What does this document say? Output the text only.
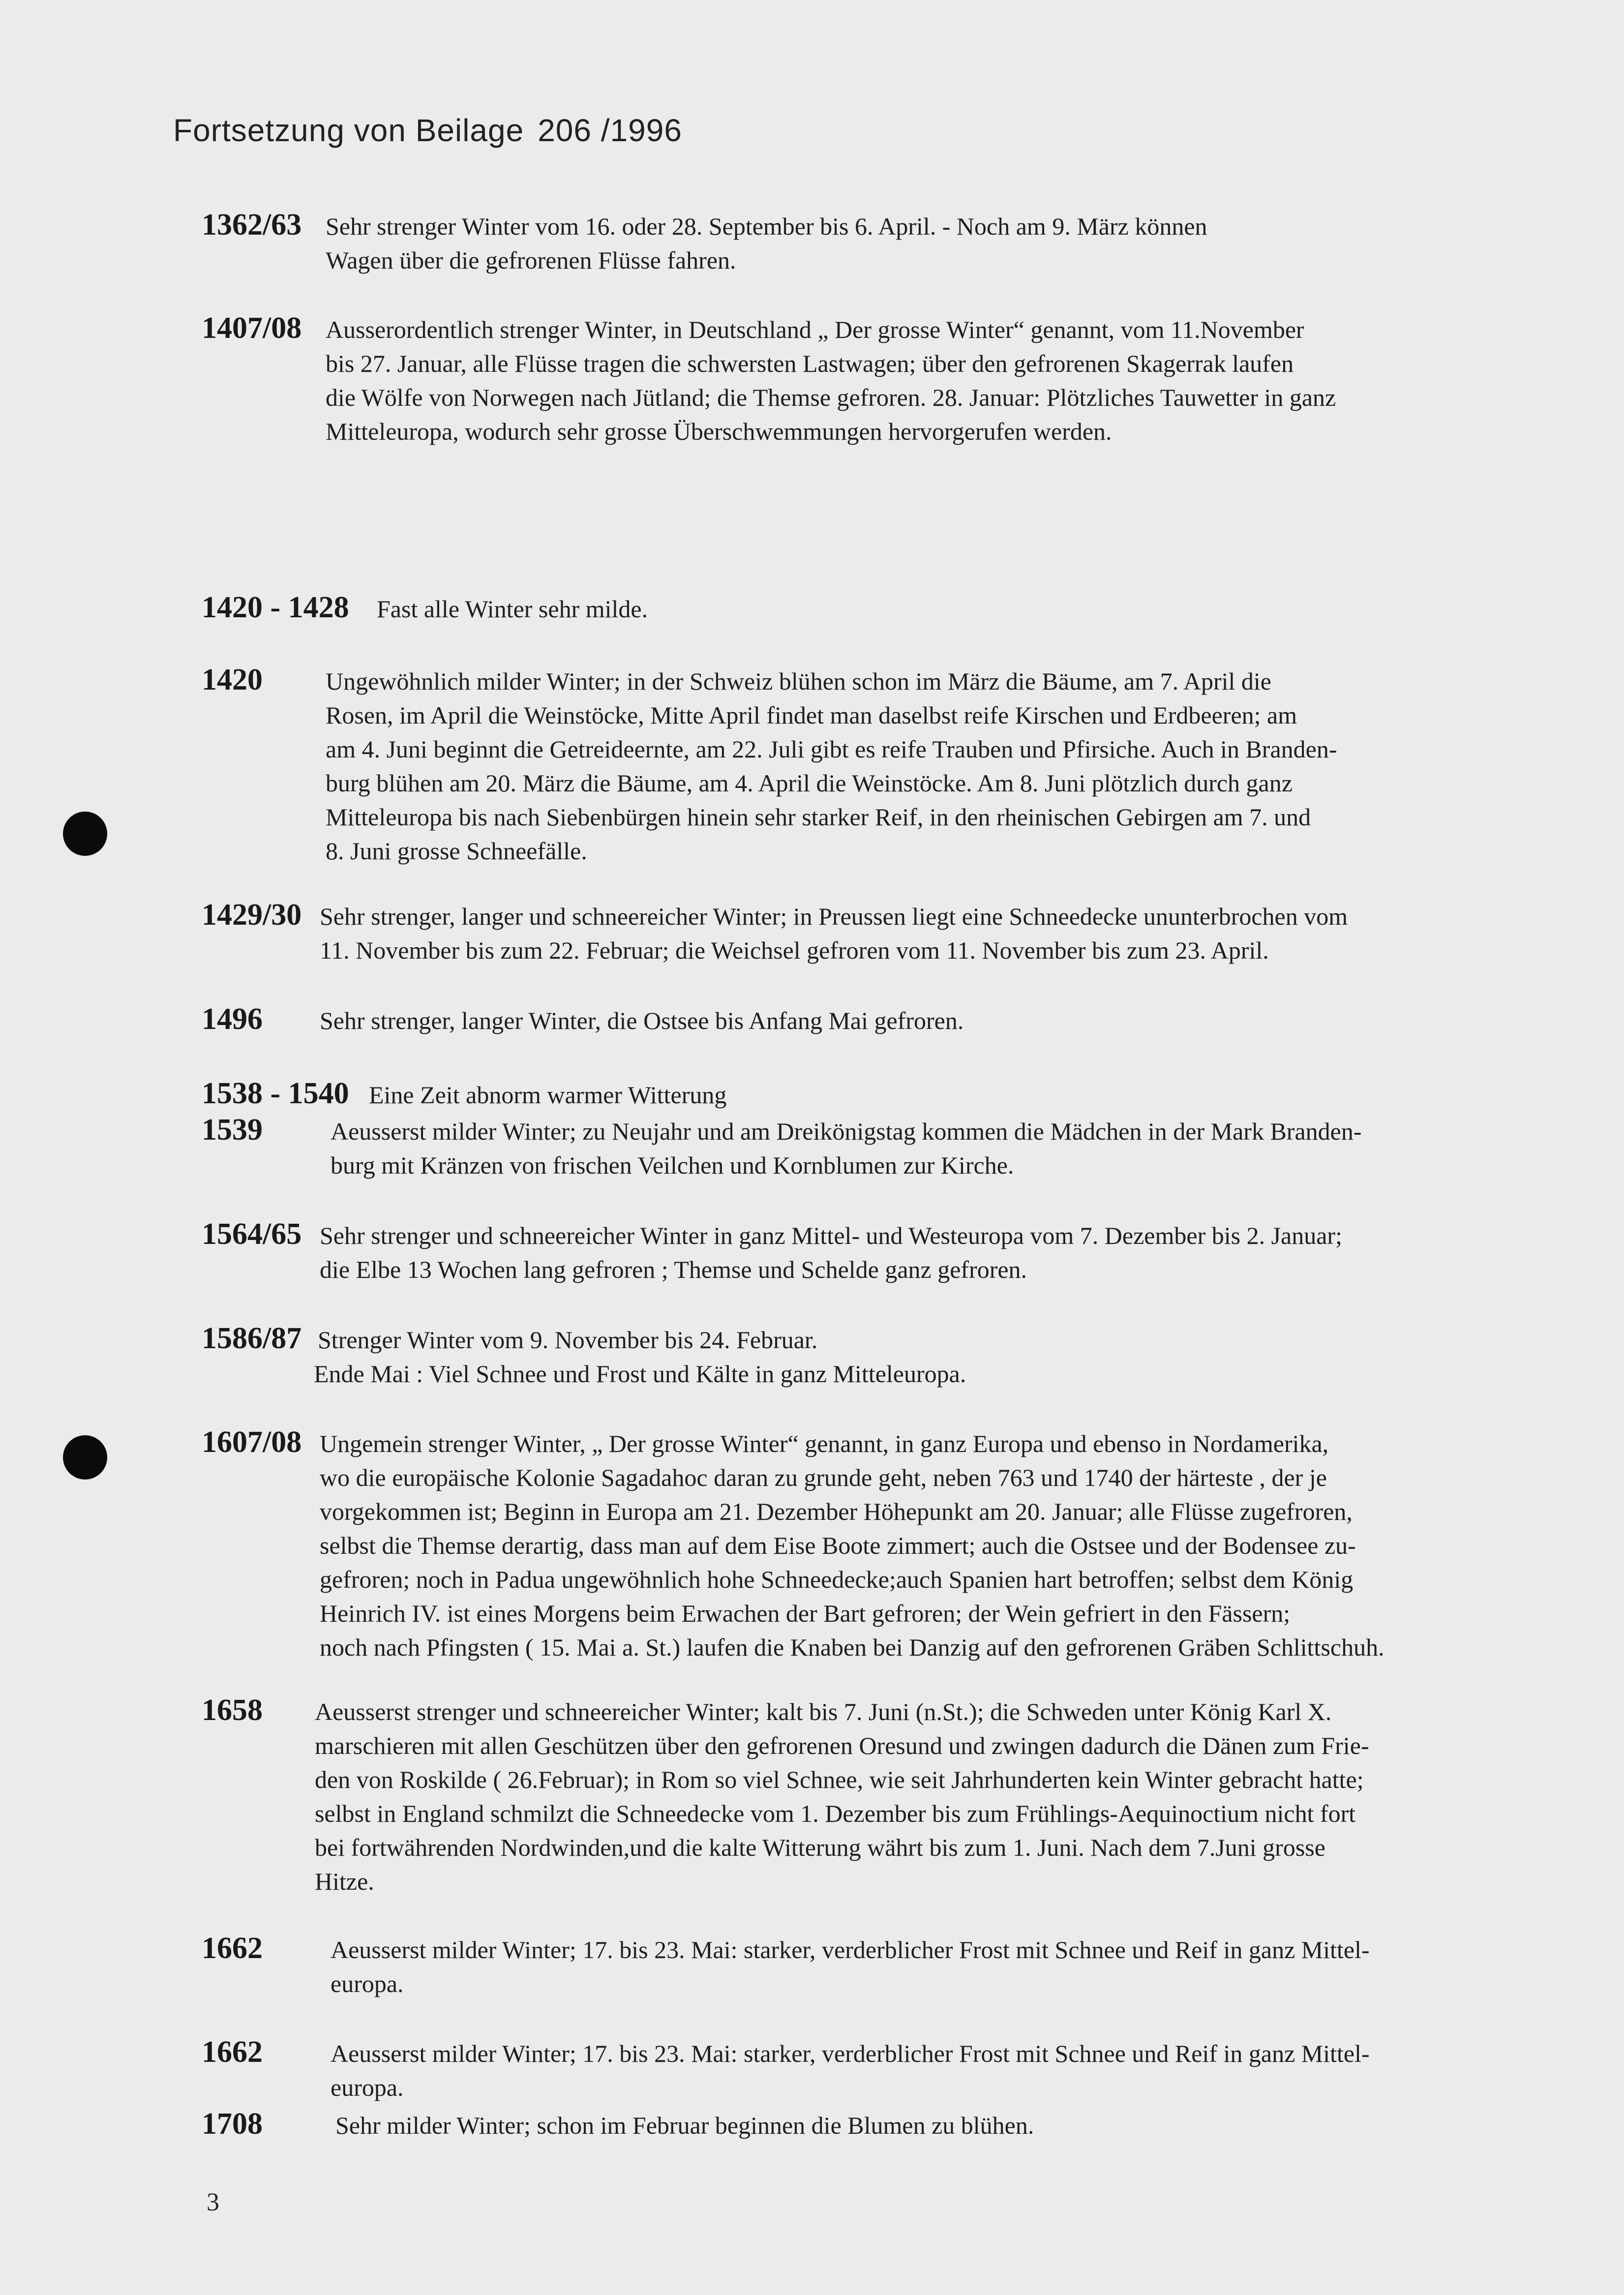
Fortsetzung von Beilage 206 /1996
1362/63 Sehr strenger Winter vom 16. oder 28. September bis 6. April. - Noch am 9. März können
Wagen über die gefrorenen Flüsse fahren.
1407/08 Ausserordentlich strenger Winter, in Deutschland „ Der grosse Winter“ genannt, vom 11.November
bis 27. Januar, alle Flüsse tragen die schwersten Lastwagen; über den gefrorenen Skagerrak laufen
die Wölfe von Norwegen nach Jütland; die Themse gefroren. 28. Januar: Plötzliches Tauwetter in ganz
Mitteleuropa, wodurch sehr grosse Überschwemmungen hervorgerufen werden.
1420 - 1428 Fast alle Winter sehr milde.
1420	Ungewöhnlich milder Winter; in der Schweiz blühen schon im März die Bäume, am 7. April die
Rosen, im April die Weinstöcke, Mitte April findet man daselbst reife Kirschen und Erdbeeren; am
am 4. Juni beginnt die Getreideernte, am 22. Juli gibt es reife Trauben und Pfirsiche. Auch in Branden-
burg blühen am 20. März die Bäume, am 4. April die Weinstöcke. Am 8. Juni plötzlich durch ganz
Mitteleuropa bis nach Siebenbürgen hinein sehr starker Reif, in den rheinischen Gebirgen am 7. und
8. Juni grosse Schneefälle.
1429/30 Sehr strenger, langer und schneereicher Winter; in Preussen liegt eine Schneedecke ununterbrochen vom
11. November bis zum 22. Februar; die Weichsel gefroren vom 11. November bis zum 23. April.
1496 Sehr strenger, langer Winter, die Ostsee bis Anfang Mai gefroren.
1538 - 1540 Eine Zeit abnorm warmer Witterung
1539	Aeusserst milder Winter; zu Neujahr und am Dreikönigstag kommen die Mädchen in der Mark Branden-
burg mit Kränzen von frischen Veilchen und Kornblumen zur Kirche.
1564/65 Sehr strenger und schneereicher Winter in ganz Mittel- und Westeuropa vom 7. Dezember bis 2. Januar;
die Elbe 13 Wochen lang gefroren ; Themse und Schelde ganz gefroren.
1586/87 Strenger Winter vom 9. November bis 24. Februar.
Ende Mai : Viel Schnee und Frost und Kälte in ganz Mitteleuropa.
1607/08 Ungemein strenger Winter, „ Der grosse Winter“ genannt, in ganz Europa und ebenso in Nordamerika,
wo die europäische Kolonie Sagadahoc daran zu grunde geht, neben 763 und 1740 der härteste , der je
vorgekommen ist; Beginn in Europa am 21. Dezember Höhepunkt am 20. Januar; alle Flüsse zugefroren,
selbst die Themse derartig, dass man auf dem Eise Boote zimmert; auch die Ostsee und der Bodensee zu-
gefroren; noch in Padua ungewöhnlich hohe Schneedecke;auch Spanien hart betroffen; selbst dem König
Heinrich IV. ist eines Morgens beim Erwachen der Bart gefroren; der Wein gefriert in den Fässern;
noch nach Pfingsten ( 15. Mai a. St.) laufen die Knaben bei Danzig auf den gefrorenen Gräben Schlittschuh.
1658 Aeusserst strenger und schneereicher Winter; kalt bis 7. Juni (n.St.); die Schweden unter König Karl X.
marschieren mit allen Geschützen über den gefrorenen Oresund und zwingen dadurch die Dänen zum Frie-
den von Roskilde ( 26.Februar); in Rom so viel Schnee, wie seit Jahrhunderten kein Winter gebracht hatte;
selbst in England schmilzt die Schneedecke vom 1. Dezember bis zum Frühlings-Aequinoctium nicht fort
bei fortwährenden Nordwinden,und die kalte Witterung währt bis zum 1. Juni. Nach dem 7.Juni grosse
Hitze.
1662	Aeusserst milder Winter; 17. bis 23. Mai: starker, verderblicher Frost mit Schnee und Reif in ganz Mittel-
europa.
1662	Aeusserst milder Winter; 17. bis 23. Mai: starker, verderblicher Frost mit Schnee und Reif in ganz Mittel-
europa.
1708	Sehr milder Winter; schon im Februar beginnen die Blumen zu blühen.
3
